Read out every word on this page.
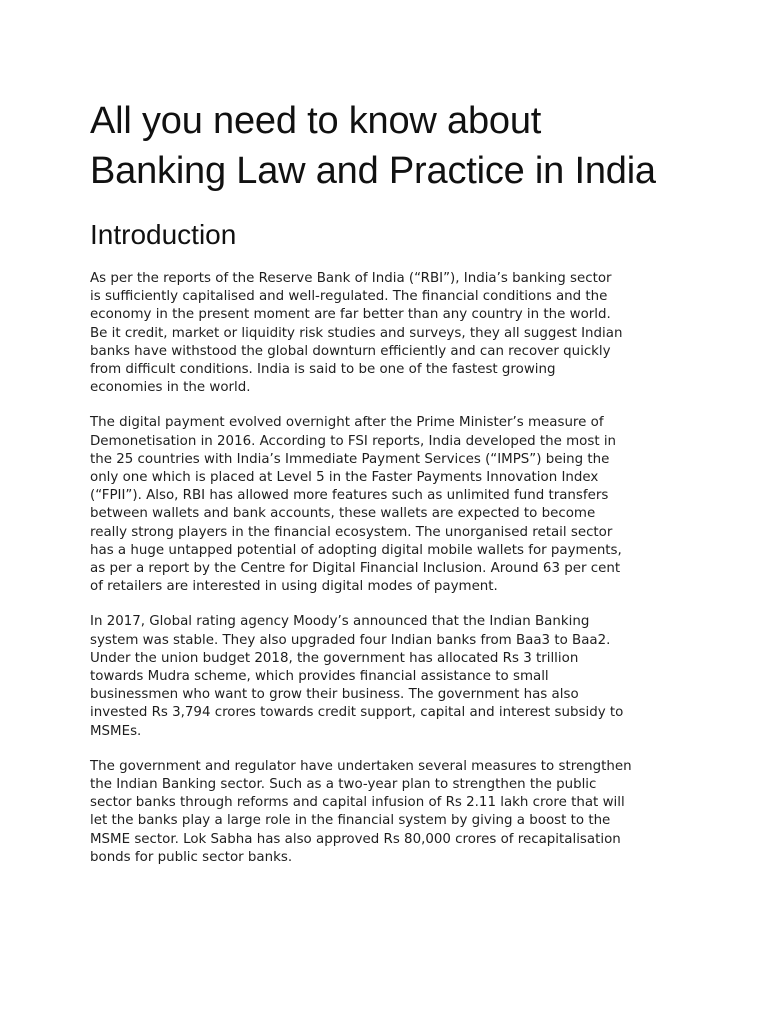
All you need to know about Banking Law and Practice in India
Introduction

As per the reports of the Reserve Bank of India (“RBI”), India’s banking sector
is sufficiently capitalised and well-regulated. The financial conditions and the
economy in the present moment are far better than any country in the world.
Be it credit, market or liquidity risk studies and surveys, they all suggest Indian
banks have withstood the global downturn efficiently and can recover quickly
from difficult conditions. India is said to be one of the fastest growing
economies in the world.

The digital payment evolved overnight after the Prime Minister’s measure of
Demonetisation in 2016. According to FSI reports, India developed the most in
the 25 countries with India’s Immediate Payment Services (“IMPS”) being the
only one which is placed at Level 5 in the Faster Payments Innovation Index
(“FPII”). Also, RBI has allowed more features such as unlimited fund transfers
between wallets and bank accounts, these wallets are expected to become
really strong players in the financial ecosystem. The unorganised retail sector
has a huge untapped potential of adopting digital mobile wallets for payments,
as per a report by the Centre for Digital Financial Inclusion. Around 63 per cent
of retailers are interested in using digital modes of payment.

In 2017, Global rating agency Moody’s announced that the Indian Banking
system was stable. They also upgraded four Indian banks from Baa3 to Baa2.
Under the union budget 2018, the government has allocated Rs 3 trillion
towards Mudra scheme, which provides financial assistance to small
businessmen who want to grow their business. The government has also
invested Rs 3,794 crores towards credit support, capital and interest subsidy to
MSMEs.

The government and regulator have undertaken several measures to strengthen
the Indian Banking sector. Such as a two-year plan to strengthen the public
sector banks through reforms and capital infusion of Rs 2.11 lakh crore that will
let the banks play a large role in the financial system by giving a boost to the
MSME sector. Lok Sabha has also approved Rs 80,000 crores of recapitalisation
bonds for public sector banks.
